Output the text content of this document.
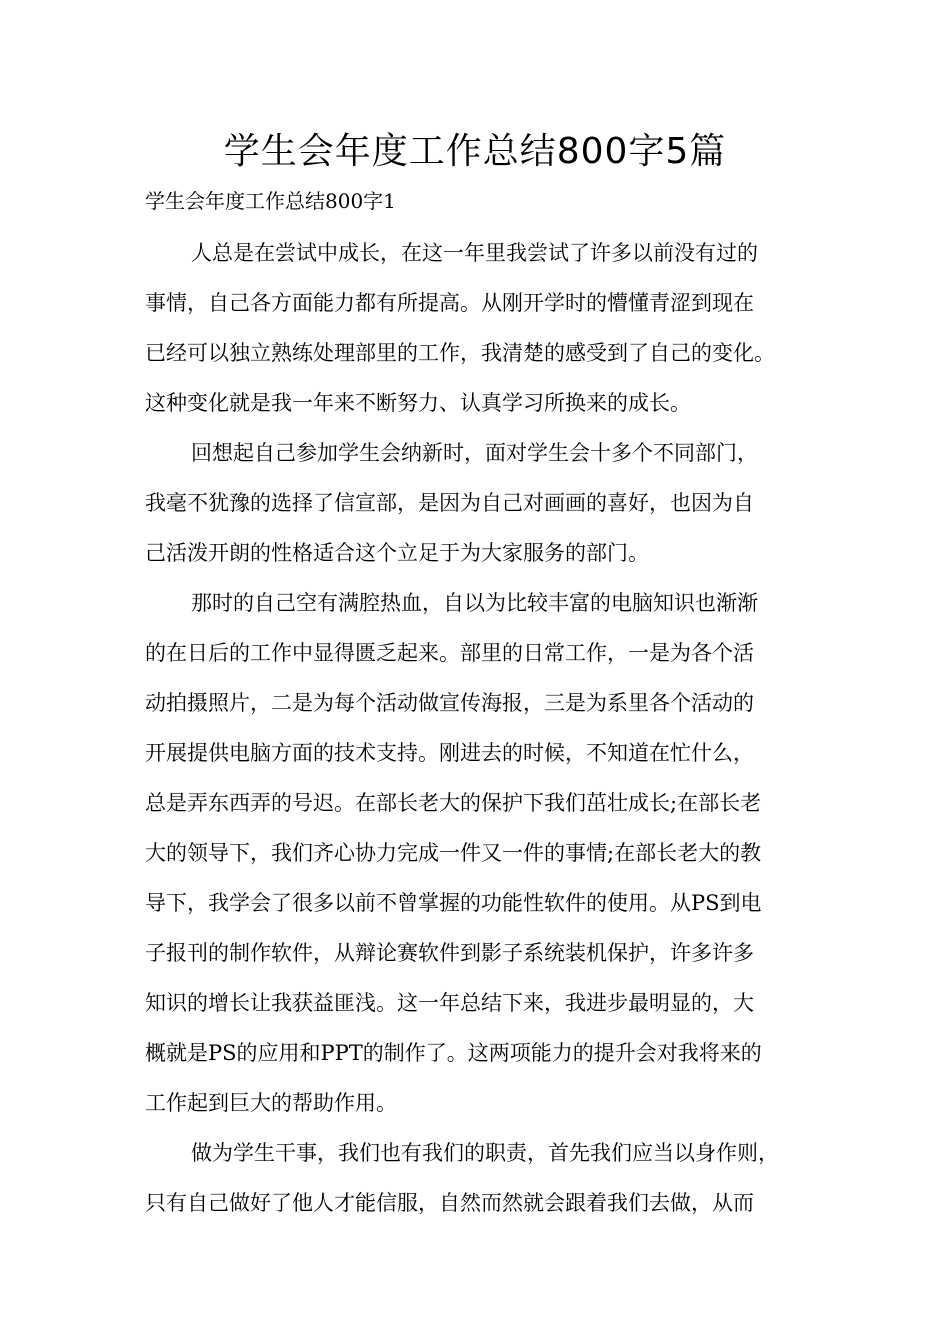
学生会年度工作总结800字5篇
学生会年度工作总结800字1

人总是在尝试中成长，在这一年里我尝试了许多以前没有过的
事情，自己各方面能力都有所提高。从刚开学时的懵懂青涩到现在
已经可以独立熟练处理部里的工作，我清楚的感受到了自己的变化。
这种变化就是我一年来不断努力、认真学习所换来的成长。

回想起自己参加学生会纳新时，面对学生会十多个不同部门，
我毫不犹豫的选择了信宣部，是因为自己对画画的喜好，也因为自
己活泼开朗的性格适合这个立足于为大家服务的部门。

那时的自己空有满腔热血，自以为比较丰富的电脑知识也渐渐
的在日后的工作中显得匮乏起来。部里的日常工作，一是为各个活
动拍摄照片，二是为每个活动做宣传海报，三是为系里各个活动的
开展提供电脑方面的技术支持。刚进去的时候，不知道在忙什么，
总是弄东西弄的号迟。在部长老大的保护下我们茁壮成长;在部长老
大的领导下，我们齐心协力完成一件又一件的事情;在部长老大的教
导下，我学会了很多以前不曾掌握的功能性软件的使用。从PS到电
子报刊的制作软件，从辩论赛软件到影子系统装机保护，许多许多
知识的增长让我获益匪浅。这一年总结下来，我进步最明显的，大
概就是PS的应用和PPT的制作了。这两项能力的提升会对我将来的
工作起到巨大的帮助作用。

做为学生干事，我们也有我们的职责，首先我们应当以身作则，
只有自己做好了他人才能信服，自然而然就会跟着我们去做，从而
